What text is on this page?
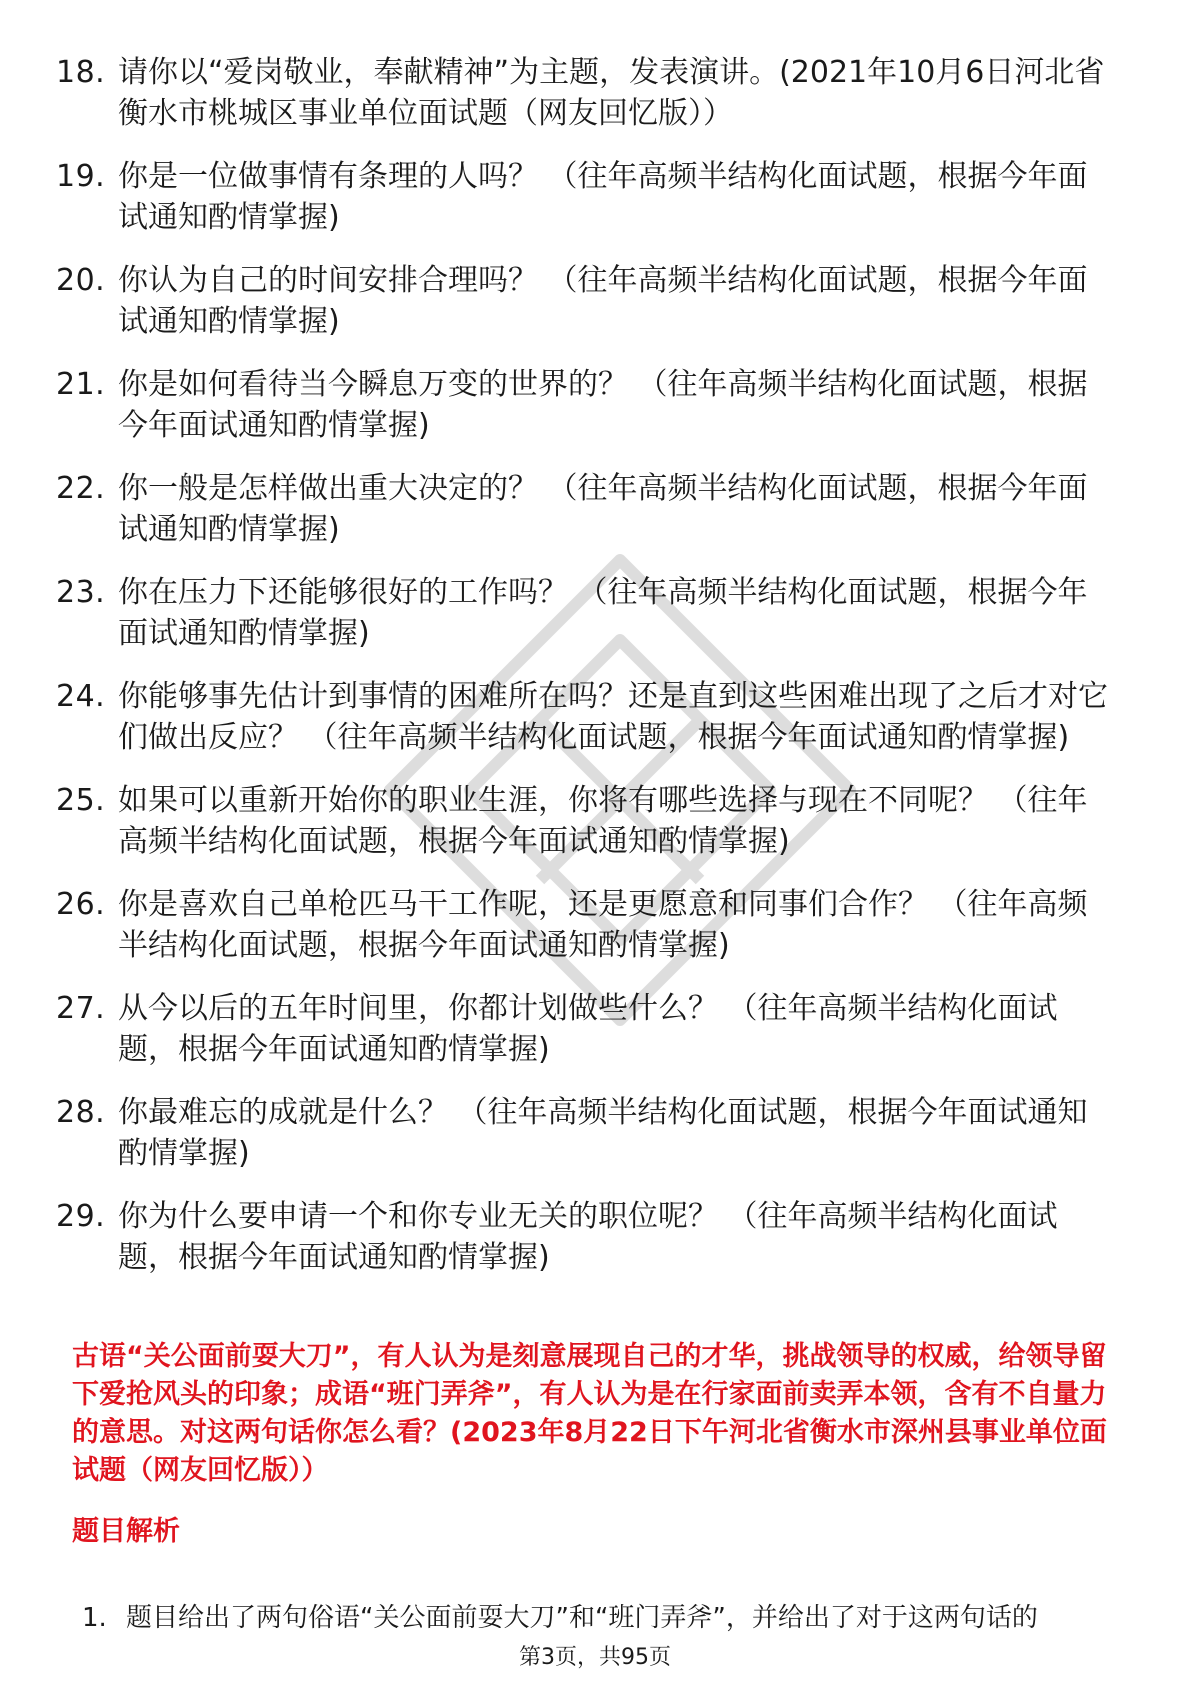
18. 请你以“爱岗敬业，奉献精神”为主题，发表演讲。(2021年10月6日河北省衡水市桃城区事业单位面试题（网友回忆版））
19. 你是一位做事情有条理的人吗？ （往年高频半结构化面试题，根据今年面试通知酌情掌握)
20. 你认为自己的时间安排合理吗？ （往年高频半结构化面试题，根据今年面试通知酌情掌握)
21. 你是如何看待当今瞬息万变的世界的？ （往年高频半结构化面试题，根据今年面试通知酌情掌握)
22. 你一般是怎样做出重大决定的？ （往年高频半结构化面试题，根据今年面试通知酌情掌握)
23. 你在压力下还能够很好的工作吗？ （往年高频半结构化面试题，根据今年面试通知酌情掌握)
24. 你能够事先估计到事情的困难所在吗？还是直到这些困难出现了之后才对它们做出反应？ （往年高频半结构化面试题，根据今年面试通知酌情掌握)
25. 如果可以重新开始你的职业生涯，你将有哪些选择与现在不同呢？ （往年高频半结构化面试题，根据今年面试通知酌情掌握)
26. 你是喜欢自己单枪匹马干工作呢，还是更愿意和同事们合作？ （往年高频半结构化面试题，根据今年面试通知酌情掌握)
27. 从今以后的五年时间里，你都计划做些什么？ （往年高频半结构化面试题，根据今年面试通知酌情掌握)
28. 你最难忘的成就是什么？ （往年高频半结构化面试题，根据今年面试通知酌情掌握)
29. 你为什么要申请一个和你专业无关的职位呢？ （往年高频半结构化面试题，根据今年面试通知酌情掌握)

古语“关公面前耍大刀”，有人认为是刻意展现自己的才华，挑战领导的权威，给领导留下爱抢风头的印象；成语“班门弄斧”，有人认为是在行家面前卖弄本领，含有不自量力的意思。对这两句话你怎么看？(2023年8月22日下午河北省衡水市深州县事业单位面试题（网友回忆版））

题目解析
1. 题目给出了两句俗语“关公面前耍大刀”和“班门弄斧”，并给出了对于这两句话的
第3页，共95页
